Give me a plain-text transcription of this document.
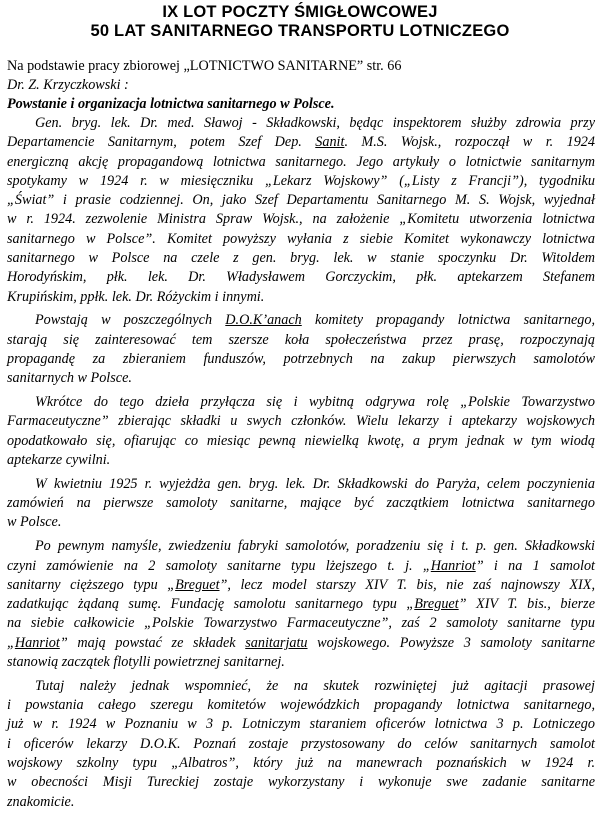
IX LOT POCZTY ŚMIGŁOWCOWEJ
50 LAT SANITARNEGO TRANSPORTU LOTNICZEGO
Na podstawie pracy zbiorowej „LOTNICTWO SANITARNE” str. 66
Dr. Z. Krzyczkowski :
Powstanie i organizacja lotnictwa sanitarnego w Polsce.
Gen. bryg. lek. Dr. med. Sławoj - Składkowski, będąc inspektorem służby zdrowia przy
Departamencie Sanitarnym, potem Szef Dep. Sanit. M.S. Wojsk., rozpoczął w r. 1924
energiczną akcję propagandową lotnictwa sanitarnego. Jego artykuły o lotnictwie sanitarnym
spotykamy w 1924 r. w miesięczniku „Lekarz Wojskowy” („Listy z Francji”), tygodniku
„Świat” i prasie codziennej. On, jako Szef Departamentu Sanitarnego M. S. Wojsk, wyjednał
w r. 1924. zezwolenie Ministra Spraw Wojsk., na założenie „Komitetu utworzenia lotnictwa
sanitarnego w Polsce”. Komitet powyższy wyłania z siebie Komitet wykonawczy lotnictwa
sanitarnego w Polsce na czele z gen. bryg. lek. w stanie spoczynku Dr. Witoldem
Horodyńskim, płk. lek. Dr. Władysławem Gorczyckim, płk. aptekarzem Stefanem
Krupińskim, ppłk. lek. Dr. Różyckim i innymi.
Powstają w poszczególnych D.O.K’anach komitety propagandy lotnictwa sanitarnego,
starają się zainteresować tem szersze koła społeczeństwa przez prasę, rozpoczynają
propagandę za zbieraniem funduszów, potrzebnych na zakup pierwszych samolotów
sanitarnych w Polsce.
Wkrótce do tego dzieła przyłącza się i wybitną odgrywa rolę „Polskie Towarzystwo
Farmaceutyczne” zbierając składki u swych członków. Wielu lekarzy i aptekarzy wojskowych
opodatkowało się, ofiarując co miesiąc pewną niewielką kwotę, a prym jednak w tym wiodą
aptekarze cywilni.
W kwietniu 1925 r. wyjeżdża gen. bryg. lek. Dr. Składkowski do Paryża, celem poczynienia
zamówień na pierwsze samoloty sanitarne, mające być zaczątkiem lotnictwa sanitarnego
w Polsce.
Po pewnym namyśle, zwiedzeniu fabryki samolotów, poradzeniu się i t. p. gen. Składkowski
czyni zamówienie na 2 samoloty sanitarne typu lżejszego t. j. „Hanriot” i na 1 samolot
sanitarny cięższego typu „Breguet”, lecz model starszy XIV T. bis, nie zaś najnowszy XIX,
zadatkując żądaną sumę. Fundację samolotu sanitarnego typu „Breguet” XIV T. bis., bierze
na siebie całkowicie „Polskie Towarzystwo Farmaceutyczne”, zaś 2 samoloty sanitarne typu
„Hanriot” mają powstać ze składek sanitarjatu wojskowego. Powyższe 3 samoloty sanitarne
stanowią zaczątek flotylli powietrznej sanitarnej.
Tutaj należy jednak wspomnieć, że na skutek rozwiniętej już agitacji prasowej
i powstania całego szeregu komitetów wojewódzkich propagandy lotnictwa sanitarnego,
już w r. 1924 w Poznaniu w 3 p. Lotniczym staraniem oficerów lotnictwa 3 p. Lotniczego
i oficerów lekarzy D.O.K. Poznań zostaje przystosowany do celów sanitarnych samolot
wojskowy szkolny typu „Albatros”, który już na manewrach poznańskich w 1924 r.
w obecności Misji Tureckiej zostaje wykorzystany i wykonuje swe zadanie sanitarne
znakomicie.
